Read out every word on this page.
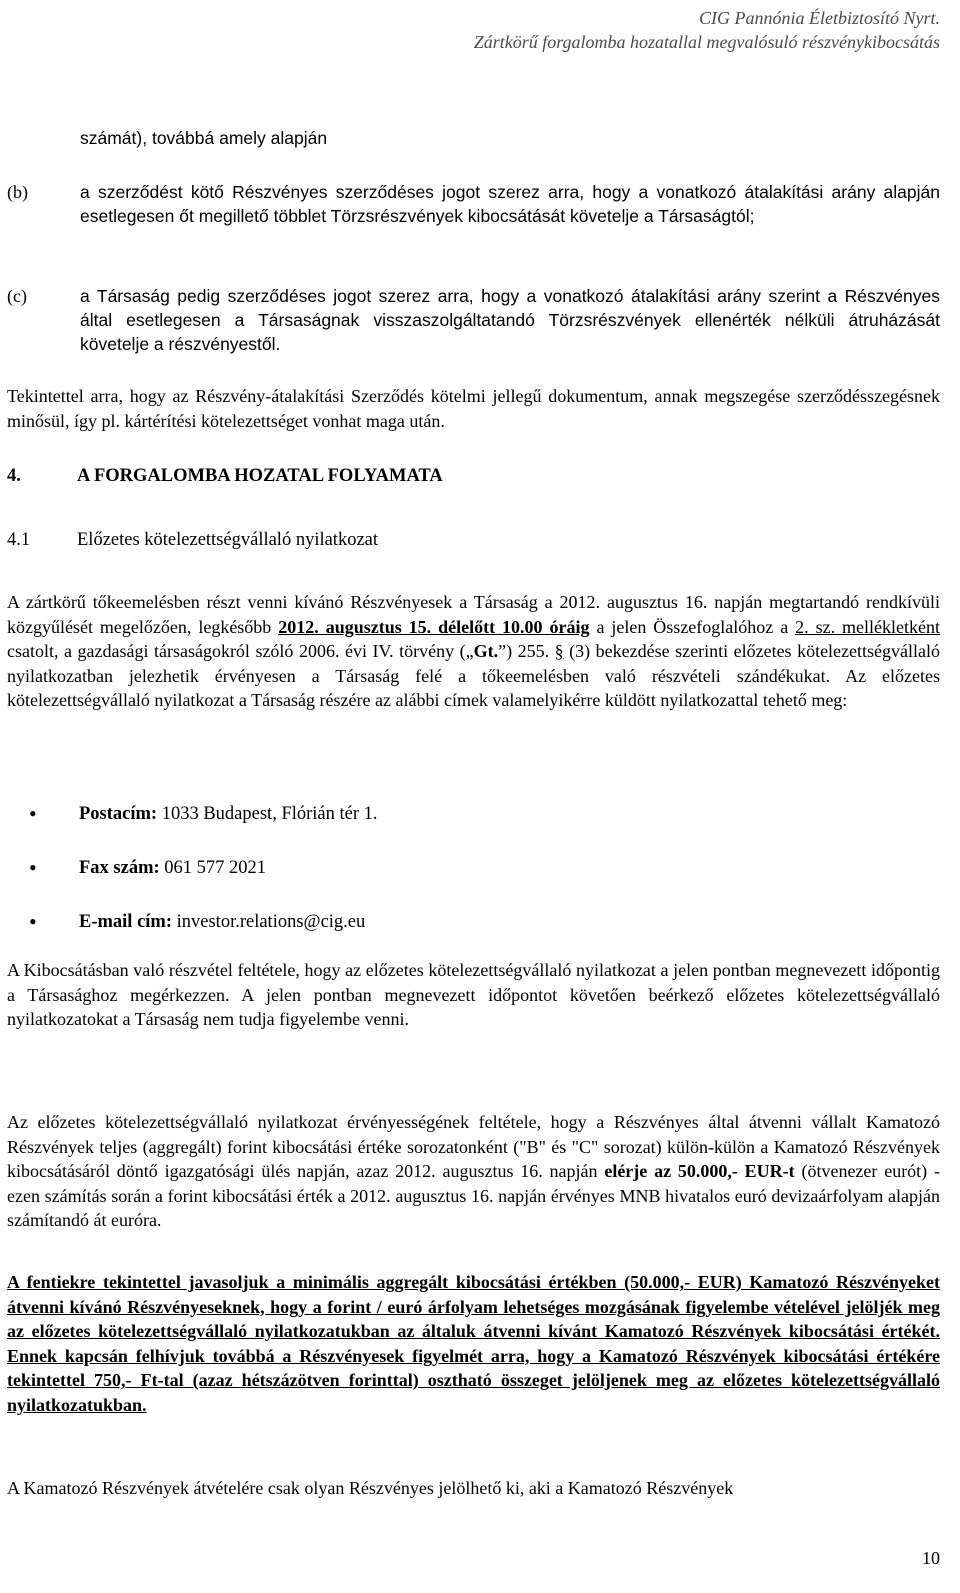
CIG Pannónia Életbiztosító Nyrt.
Zártkörű forgalomba hozatallal megvalósuló részvénykibocsátás
számát), továbbá amely alapján
(b)	a szerződést kötő Részvényes szerződéses jogot szerez arra, hogy a vonatkozó átalakítási arány alapján esetlegesen őt megillető többlet Törzsrészvények kibocsátását követelje a Társaságtól;
(c)	a Társaság pedig szerződéses jogot szerez arra, hogy a vonatkozó átalakítási arány szerint a Részvényes által esetlegesen a Társaságnak visszaszolgáltatandó Törzsrészvények ellenérték nélküli átruházását követelje a részvényestől.
Tekintettel arra, hogy az Részvény-átalakítási Szerződés kötelmi jellegű dokumentum, annak megszegése szerződésszegésnek minősül, így pl. kártérítési kötelezettséget vonhat maga után.
4.	A FORGALOMBA HOZATAL FOLYAMATA
4.1	Előzetes kötelezettségvállaló nyilatkozat
A zártkörű tőkeemelésben részt venni kívánó Részvényesek a Társaság a 2012. augusztus 16. napján megtartandó rendkívüli közgyűlését megelőzően, legkésőbb 2012. augusztus 15. délelőtt 10.00 óráig a jelen Összefoglalóhoz a 2. sz. mellékletként csatolt, a gazdasági társaságokról szóló 2006. évi IV. törvény („Gt.”) 255. § (3) bekezdése szerinti előzetes kötelezettségvállaló nyilatkozatban jelezhetik érvényesen a Társaság felé a tőkeemelésben való részvételi szándékukat. Az előzetes kötelezettségvállaló nyilatkozat a Társaság részére az alábbi címek valamelyikérre küldött nyilatkozattal tehető meg:
• Postacím: 1033 Budapest, Flórián tér 1.
• Fax szám: 061 577 2021
• E-mail cím: investor.relations@cig.eu
A Kibocsátásban való részvétel feltétele, hogy az előzetes kötelezettségvállaló nyilatkozat a jelen pontban megnevezett időpontig a Társasághoz megérkezzen. A jelen pontban megnevezett időpontot követően beérkező előzetes kötelezettségvállaló nyilatkozatokat a Társaság nem tudja figyelembe venni.
Az előzetes kötelezettségvállaló nyilatkozat érvényességének feltétele, hogy a Részvényes által átvenni vállalt Kamatozó Részvények teljes (aggregált) forint kibocsátási értéke sorozatonként ("B" és "C" sorozat) külön-külön a Kamatozó Részvények kibocsátásáról döntő igazgatósági ülés napján, azaz 2012. augusztus 16. napján elérje az 50.000,- EUR-t (ötvenezer eurót) - ezen számítás során a forint kibocsátási érték a 2012. augusztus 16. napján érvényes MNB hivatalos euró devizaárfolyam alapján számítandó át euróra.
A fentiekre tekintettel javasoljuk a minimális aggregált kibocsátási értékben (50.000,- EUR) Kamatozó Részvényeket átvenni kívánó Részvényeseknek, hogy a forint / euró árfolyam lehetséges mozgásának figyelembe vételével jelöljék meg az előzetes kötelezettségvállaló nyilatkozatukban az általuk átvenni kívánt Kamatozó Részvények kibocsátási értékét. Ennek kapcsán felhívjuk továbbá a Részvényesek figyelmét arra, hogy a Kamatozó Részvények kibocsátási értékére tekintettel 750,- Ft-tal (azaz hétszázötven forinttal) osztható összeget jelöljenek meg az előzetes kötelezettségvállaló nyilatkozatukban.
A Kamatozó Részvények átvételére csak olyan Részvényes jelölhető ki, aki a Kamatozó Részvények
10
